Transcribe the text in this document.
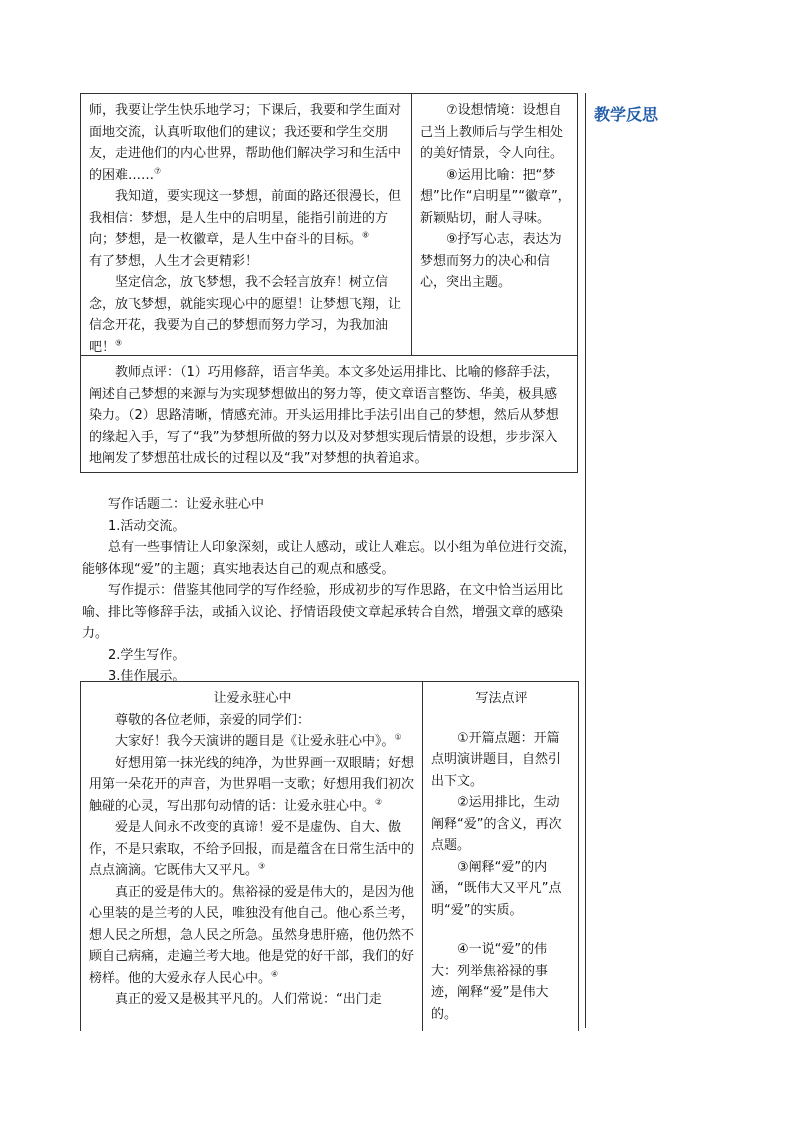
教学反思

师，我要让学生快乐地学习；下课后，我要和学生面对面地交流，认真听取他们的建议；我还要和学生交朋友，走进他们的内心世界，帮助他们解决学习和生活中的困难……⑦

我知道，要实现这一梦想，前面的路还很漫长，但我相信：梦想，是人生中的启明星，能指引前进的方向；梦想，是一枚徽章，是人生中奋斗的目标。⑧

有了梦想，人生才会更精彩！

坚定信念，放飞梦想，我不会轻言放弃！树立信念，放飞梦想，就能实现心中的愿望！让梦想飞翔，让信念开花，我要为自己的梦想而努力学习，为我加油吧！⑨

⑦设想情境：设想自己当上教师后与学生相处的美好情景，令人向往。

⑧运用比喻：把“梦想”比作“启明星”“徽章”，新颖贴切，耐人寻味。

⑨抒写心志，表达为梦想而努力的决心和信心，突出主题。

教师点评：（1）巧用修辞，语言华美。本文多处运用排比、比喻的修辞手法，阐述自己梦想的来源与为实现梦想做出的努力等，使文章语言整饬、华美，极具感染力。（2）思路清晰，情感充沛。开头运用排比手法引出自己的梦想，然后从梦想的缘起入手，写了“我”为梦想所做的努力以及对梦想实现后情景的设想，步步深入地阐发了梦想茁壮成长的过程以及“我”对梦想的执着追求。

写作话题二：让爱永驻心中

1.活动交流。

总有一些事情让人印象深刻，或让人感动，或让人难忘。以小组为单位进行交流，能够体现“爱”的主题；真实地表达自己的观点和感受。

写作提示：借鉴其他同学的写作经验，形成初步的写作思路，在文中恰当运用比喻、排比等修辞手法，或插入议论、抒情语段使文章起承转合自然，增强文章的感染力。

2.学生写作。

3.佳作展示。

让爱永驻心中

尊敬的各位老师，亲爱的同学们：

大家好！我今天演讲的题目是《让爱永驻心中》。①

好想用第一抹光线的纯净，为世界画一双眼睛；好想用第一朵花开的声音，为世界唱一支歌；好想用我们初次触碰的心灵，写出那句动情的话：让爱永驻心中。②

爱是人间永不改变的真谛！爱不是虚伪、自大、傲作，不是只索取，不给予回报，而是蕴含在日常生活中的点点滴滴。它既伟大又平凡。③

真正的爱是伟大的。焦裕禄的爱是伟大的，是因为他心里装的是兰考的人民，唯独没有他自己。他心系兰考，想人民之所想，急人民之所急。虽然身患肝癌，他仍然不顾自己病痛，走遍兰考大地。他是党的好干部，我们的好榜样。他的大爱永存人民心中。④

真正的爱又是极其平凡的。人们常说：“出门走

写法点评

①开篇点题：开篇点明演讲题目，自然引出下文。

②运用排比，生动阐释“爱”的含义，再次点题。

③阐释“爱”的内涵，“既伟大又平凡”点明“爱”的实质。

④一说“爱”的伟大：列举焦裕禄的事迹，阐释“爱”是伟大的。
